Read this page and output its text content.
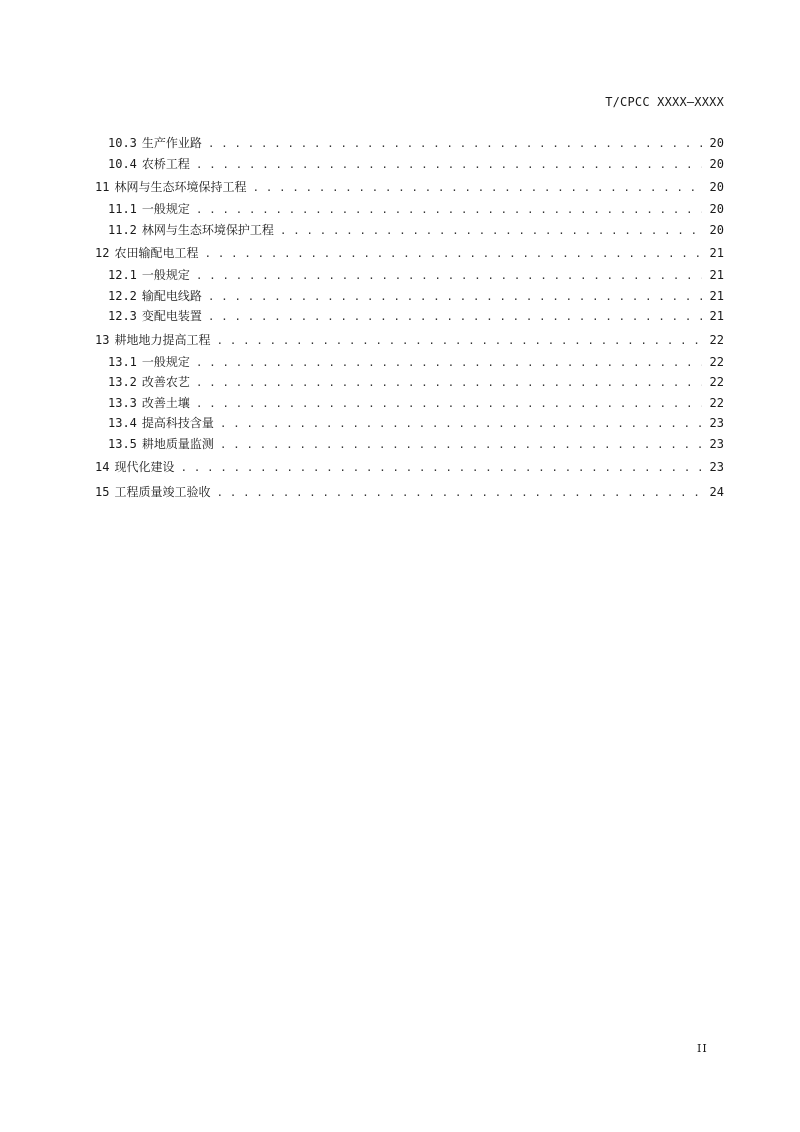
T/CPCC XXXX—XXXX
10.3 生产作业路 . . .	20
10.4 农桥工程 . . .	20
11 林网与生态环境保持工程 . . .	20
11.1 一般规定 . . .	20
11.2 林网与生态环境保护工程 . . .	20
12 农田输配电工程 . . .	21
12.1 一般规定 . . .	21
12.2 输配电线路 . . .	21
12.3 变配电装置 . . .	21
13 耕地地力提高工程 . . .	22
13.1 一般规定 . . .	22
13.2 改善农艺 . . .	22
13.3 改善土壤 . . .	22
13.4 提高科技含量 . . .	23
13.5 耕地质量监测 . . .	23
14 现代化建设 . . .	23
15 工程质量竣工验收 . . .	24
II
